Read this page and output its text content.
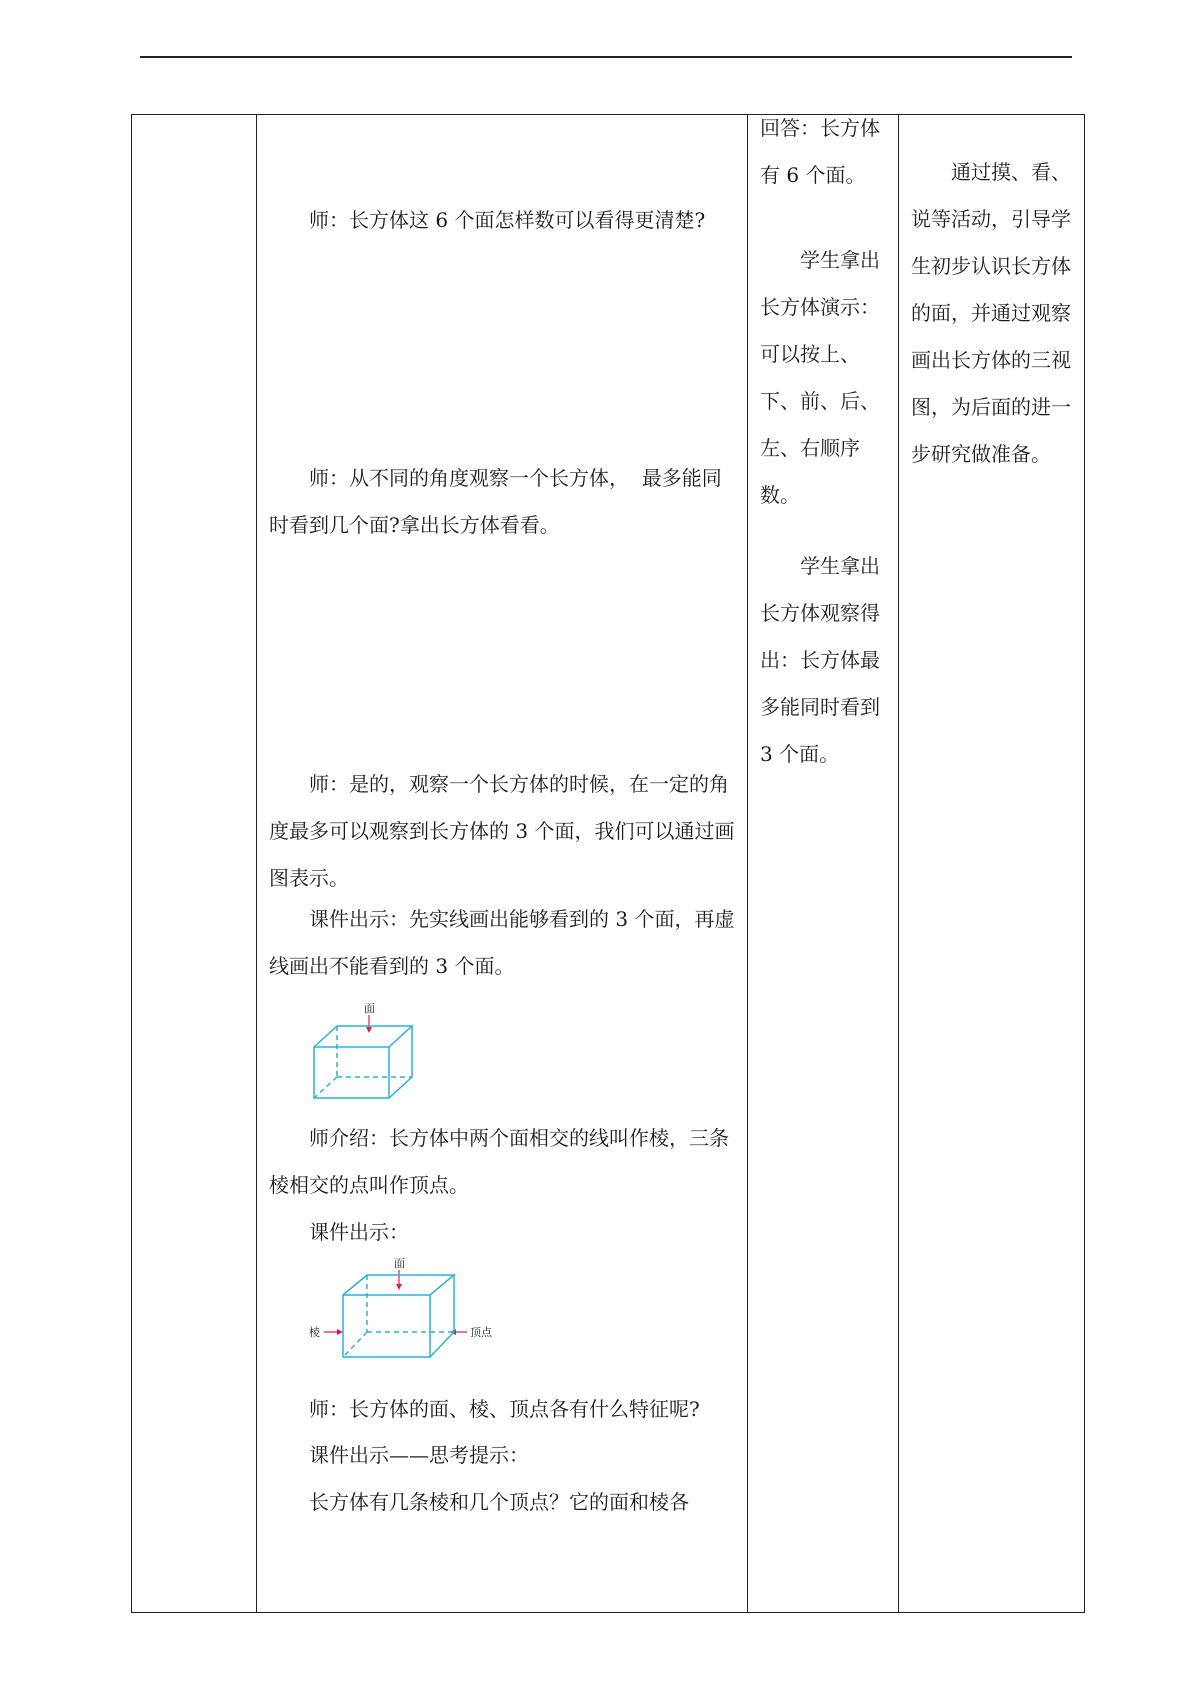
师：长方体这 6 个面怎样数可以看得更清楚?

师：从不同的角度观察一个长方体，  最多能同时看到几个面?拿出长方体看看。

师：是的，观察一个长方体的时候，在一定的角度最多可以观察到长方体的 3 个面，我们可以通过画图表示。

课件出示：先实线画出能够看到的 3 个面，再虚线画出不能看到的 3 个面。

面

师介绍：长方体中两个面相交的线叫作棱，三条棱相交的点叫作顶点。

课件出示：

面
棱	顶点

师：长方体的面、棱、顶点各有什么特征呢?

课件出示——思考提示：

长方体有几条棱和几个顶点？它的面和棱各

回答：长方体有 6 个面。

学生拿出长方体演示：可以按上、下、前、后、左、右顺序数。

学生拿出长方体观察得出：长方体最多能同时看到 3 个面。

通过摸、看、说等活动，引导学生初步认识长方体的面，并通过观察画出长方体的三视图，为后面的进一步研究做准备。
